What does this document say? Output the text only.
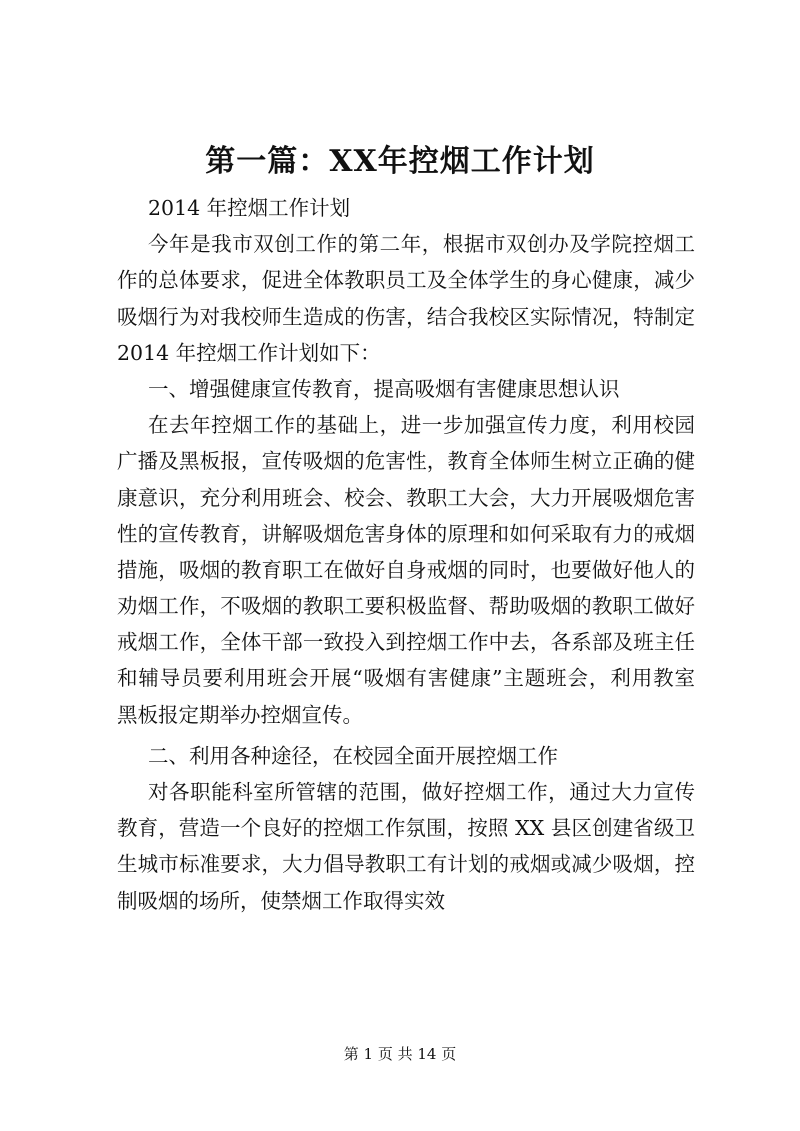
第一篇：XX年控烟工作计划
2014 年控烟工作计划
今年是我市双创工作的第二年，根据市双创办及学院控烟工
作的总体要求，促进全体教职员工及全体学生的身心健康，减少
吸烟行为对我校师生造成的伤害，结合我校区实际情况，特制定
2014 年控烟工作计划如下：
一、增强健康宣传教育，提高吸烟有害健康思想认识
在去年控烟工作的基础上，进一步加强宣传力度，利用校园
广播及黑板报，宣传吸烟的危害性，教育全体师生树立正确的健
康意识，充分利用班会、校会、教职工大会，大力开展吸烟危害
性的宣传教育，讲解吸烟危害身体的原理和如何采取有力的戒烟
措施，吸烟的教育职工在做好自身戒烟的同时，也要做好他人的
劝烟工作，不吸烟的教职工要积极监督、帮助吸烟的教职工做好
戒烟工作，全体干部一致投入到控烟工作中去，各系部及班主任
和辅导员要利用班会开展“吸烟有害健康”主题班会，利用教室
黑板报定期举办控烟宣传。
二、利用各种途径，在校园全面开展控烟工作
对各职能科室所管辖的范围，做好控烟工作，通过大力宣传
教育，营造一个良好的控烟工作氛围，按照 XX 县区创建省级卫
生城市标准要求，大力倡导教职工有计划的戒烟或减少吸烟，控
制吸烟的场所，使禁烟工作取得实效
第 1 页 共 14 页
